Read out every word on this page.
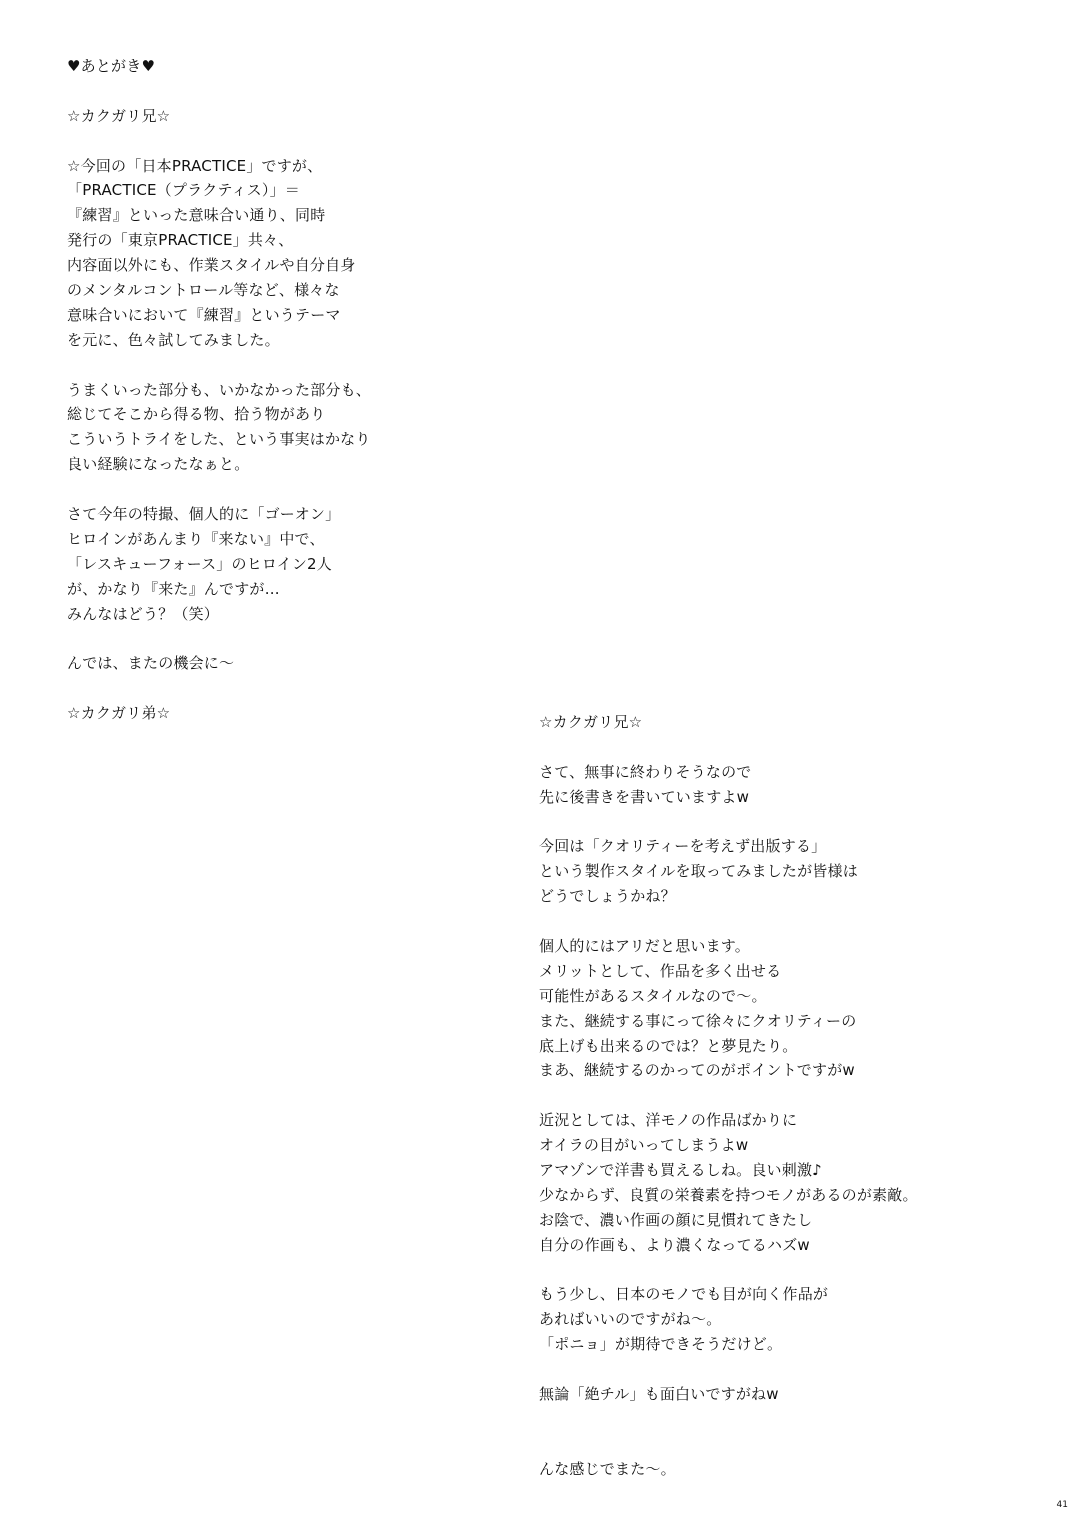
♥あとがき♥
☆カクガリ兄☆
☆今回の「日本PRACTICE」ですが、
「PRACTICE（プラクティス）」＝
『練習』といった意味合い通り、同時
発行の「東京PRACTICE」共々、
内容面以外にも、作業スタイルや自分自身
のメンタルコントロール等など、様々な
意味合いにおいて『練習』というテーマ
を元に、色々試してみました。
うまくいった部分も、いかなかった部分も、
総じてそこから得る物、拾う物があり
こういうトライをした、という事実はかなり
良い経験になったなぁと。
さて今年の特撮、個人的に「ゴーオン」
ヒロインがあんまり『来ない』中で、
「レスキューフォース」のヒロイン2人
が、かなり『来た』んですが…
みんなはどう？（笑）
んでは、またの機会に～
☆カクガリ弟☆	☆カクガリ兄☆
さて、無事に終わりそうなので
先に後書きを書いていますよw
今回は「クオリティーを考えず出版する」
という製作スタイルを取ってみましたが皆様は
どうでしょうかね？
個人的にはアリだと思います。
メリットとして、作品を多く出せる
可能性があるスタイルなので～。
また、継続する事にって徐々にクオリティーの
底上げも出来るのでは？と夢見たり。
まあ、継続するのかってのがポイントですがw
近況としては、洋モノの作品ばかりに
オイラの目がいってしまうよw
アマゾンで洋書も買えるしね。良い刺激♪
少なからず、良質の栄養素を持つモノがあるのが素敵。
お陰で、濃い作画の顔に見慣れてきたし
自分の作画も、より濃くなってるハズw
もう少し、日本のモノでも目が向く作品が
あればいいのですがね～。
「ポニョ」が期待できそうだけど。
無論「絶チル」も面白いですがねw
んな感じでまた～。
41
